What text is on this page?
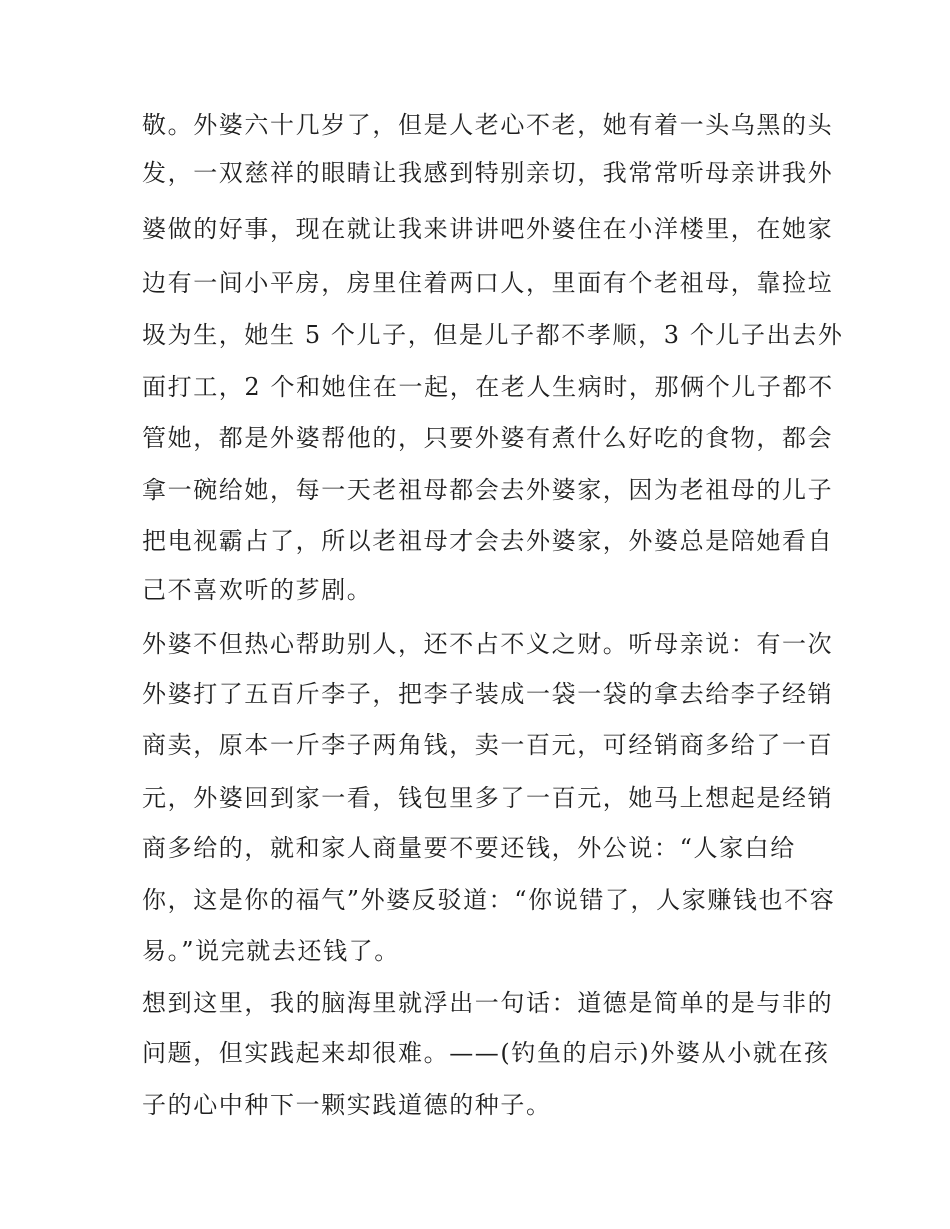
敬。外婆六十几岁了，但是人老心不老，她有着一头乌黑的头
发，一双慈祥的眼睛让我感到特别亲切，我常常听母亲讲我外
婆做的好事，现在就让我来讲讲吧外婆住在小洋楼里，在她家
边有一间小平房，房里住着两口人，里面有个老祖母，靠捡垃
圾为生，她生 5 个儿子，但是儿子都不孝顺，3 个儿子出去外
面打工，2 个和她住在一起，在老人生病时，那俩个儿子都不
管她，都是外婆帮他的，只要外婆有煮什么好吃的食物，都会
拿一碗给她，每一天老祖母都会去外婆家，因为老祖母的儿子
把电视霸占了，所以老祖母才会去外婆家，外婆总是陪她看自
己不喜欢听的芗剧。
外婆不但热心帮助别人，还不占不义之财。听母亲说：有一次
外婆打了五百斤李子，把李子装成一袋一袋的拿去给李子经销
商卖，原本一斤李子两角钱，卖一百元，可经销商多给了一百
元，外婆回到家一看，钱包里多了一百元，她马上想起是经销
商多给的，就和家人商量要不要还钱，外公说：“人家白给
你，这是你的福气”外婆反驳道：“你说错了，人家赚钱也不容
易。”说完就去还钱了。
想到这里，我的脑海里就浮出一句话：道德是简单的是与非的
问题，但实践起来却很难。——(钓鱼的启示)外婆从小就在孩
子的心中种下一颗实践道德的种子。
